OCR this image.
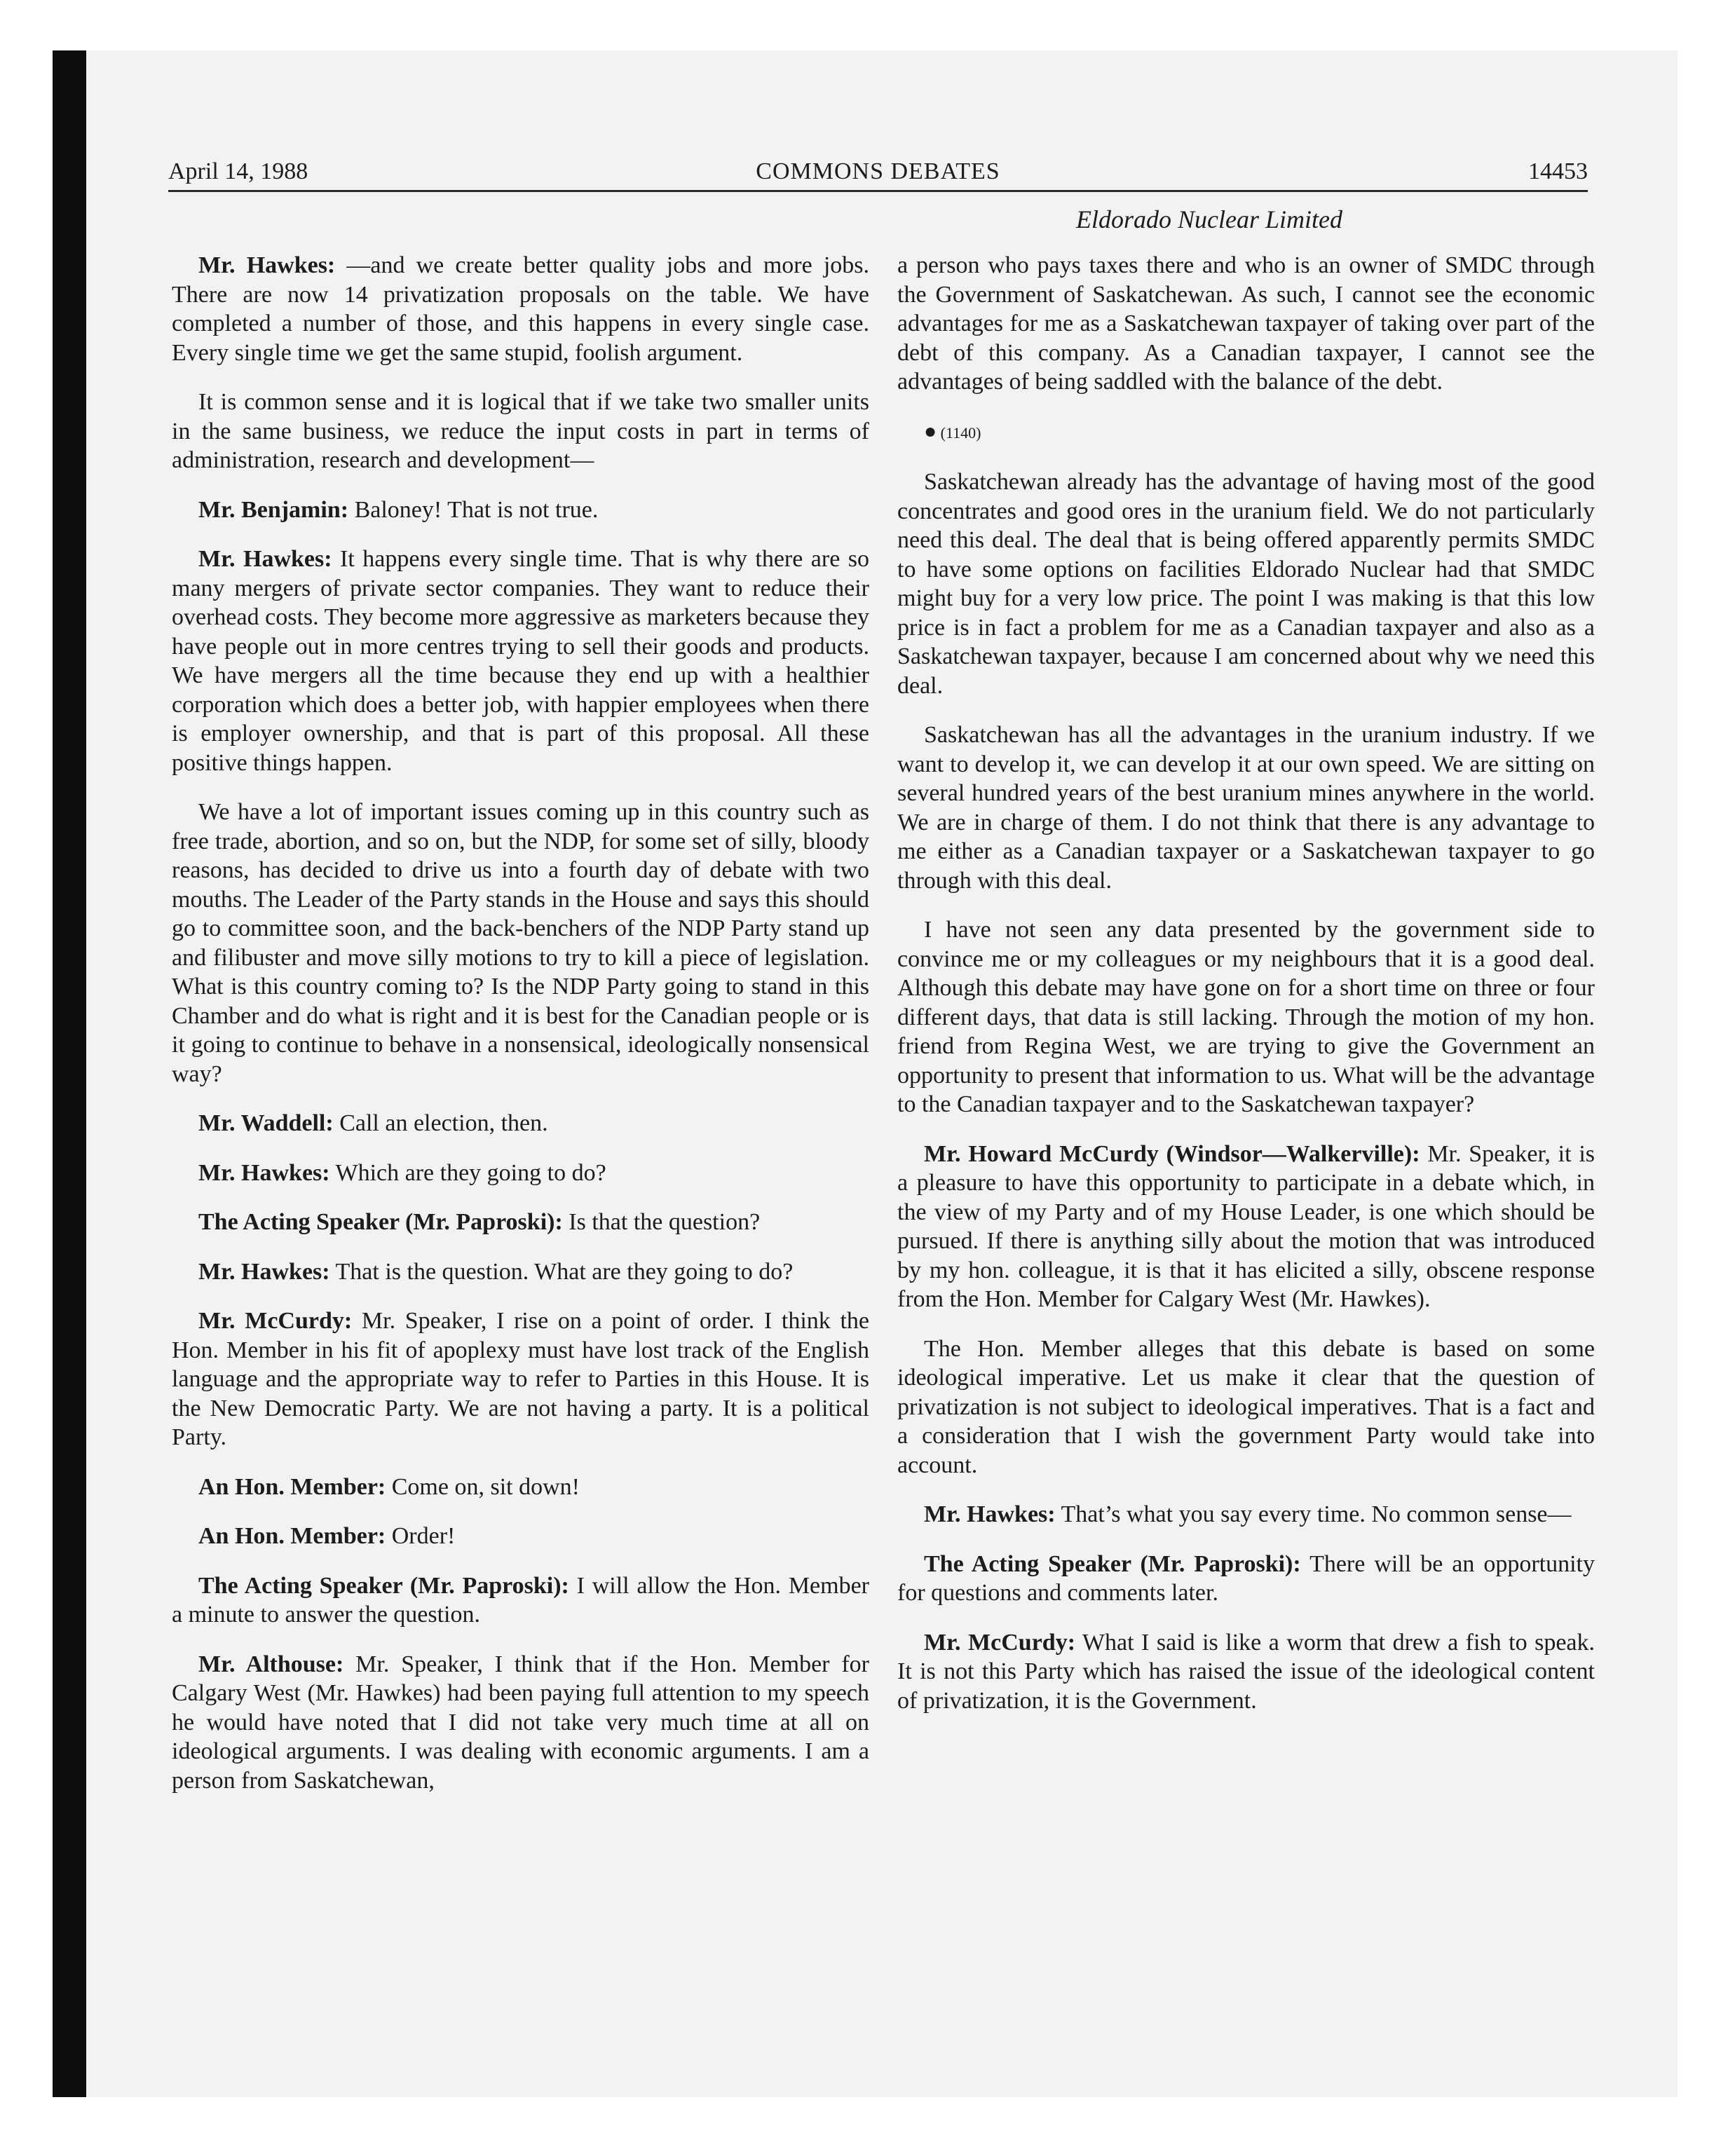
April 14, 1988	COMMONS DEBATES	14453
Eldorado Nuclear Limited

Mr. Hawkes: —and we create better quality jobs and more jobs. There are now 14 privatization proposals on the table. We have completed a number of those, and this happens in every single case. Every single time we get the same stupid, foolish argument.

It is common sense and it is logical that if we take two smaller units in the same business, we reduce the input costs in part in terms of administration, research and development—

Mr. Benjamin: Baloney! That is not true.

Mr. Hawkes: It happens every single time. That is why there are so many mergers of private sector companies. They want to reduce their overhead costs. They become more aggressive as marketers because they have people out in more centres trying to sell their goods and products. We have mergers all the time because they end up with a healthier corporation which does a better job, with happier employees when there is employer ownership, and that is part of this proposal. All these positive things happen.

We have a lot of important issues coming up in this country such as free trade, abortion, and so on, but the NDP, for some set of silly, bloody reasons, has decided to drive us into a fourth day of debate with two mouths. The Leader of the Party stands in the House and says this should go to committee soon, and the back-benchers of the NDP Party stand up and filibuster and move silly motions to try to kill a piece of legislation. What is this country coming to? Is the NDP Party going to stand in this Chamber and do what is right and it is best for the Canadian people or is it going to continue to behave in a nonsensical, ideologically nonsensical way?

Mr. Waddell: Call an election, then.

Mr. Hawkes: Which are they going to do?

The Acting Speaker (Mr. Paproski): Is that the question?

Mr. Hawkes: That is the question. What are they going to do?

Mr. McCurdy: Mr. Speaker, I rise on a point of order. I think the Hon. Member in his fit of apoplexy must have lost track of the English language and the appropriate way to refer to Parties in this House. It is the New Democratic Party. We are not having a party. It is a political Party.

An Hon. Member: Come on, sit down!

An Hon. Member: Order!

The Acting Speaker (Mr. Paproski): I will allow the Hon. Member a minute to answer the question.

Mr. Althouse: Mr. Speaker, I think that if the Hon. Member for Calgary West (Mr. Hawkes) had been paying full attention to my speech he would have noted that I did not take very much time at all on ideological arguments. I was dealing with economic arguments. I am a person from Saskatchewan,

a person who pays taxes there and who is an owner of SMDC through the Government of Saskatchewan. As such, I cannot see the economic advantages for me as a Saskatchewan taxpayer of taking over part of the debt of this company. As a Canadian taxpayer, I cannot see the advantages of being saddled with the balance of the debt.

● (1140)

Saskatchewan already has the advantage of having most of the good concentrates and good ores in the uranium field. We do not particularly need this deal. The deal that is being offered apparently permits SMDC to have some options on facilities Eldorado Nuclear had that SMDC might buy for a very low price. The point I was making is that this low price is in fact a problem for me as a Canadian taxpayer and also as a Saskatchewan taxpayer, because I am concerned about why we need this deal.

Saskatchewan has all the advantages in the uranium industry. If we want to develop it, we can develop it at our own speed. We are sitting on several hundred years of the best uranium mines anywhere in the world. We are in charge of them. I do not think that there is any advantage to me either as a Canadian taxpayer or a Saskatchewan taxpayer to go through with this deal.

I have not seen any data presented by the government side to convince me or my colleagues or my neighbours that it is a good deal. Although this debate may have gone on for a short time on three or four different days, that data is still lacking. Through the motion of my hon. friend from Regina West, we are trying to give the Government an opportunity to present that information to us. What will be the advantage to the Canadian taxpayer and to the Saskatchewan taxpayer?

Mr. Howard McCurdy (Windsor—Walkerville): Mr. Speaker, it is a pleasure to have this opportunity to participate in a debate which, in the view of my Party and of my House Leader, is one which should be pursued. If there is anything silly about the motion that was introduced by my hon. colleague, it is that it has elicited a silly, obscene response from the Hon. Member for Calgary West (Mr. Hawkes).

The Hon. Member alleges that this debate is based on some ideological imperative. Let us make it clear that the question of privatization is not subject to ideological imperatives. That is a fact and a consideration that I wish the government Party would take into account.

Mr. Hawkes: That’s what you say every time. No common sense—

The Acting Speaker (Mr. Paproski): There will be an opportunity for questions and comments later.

Mr. McCurdy: What I said is like a worm that drew a fish to speak. It is not this Party which has raised the issue of the ideological content of privatization, it is the Government.
